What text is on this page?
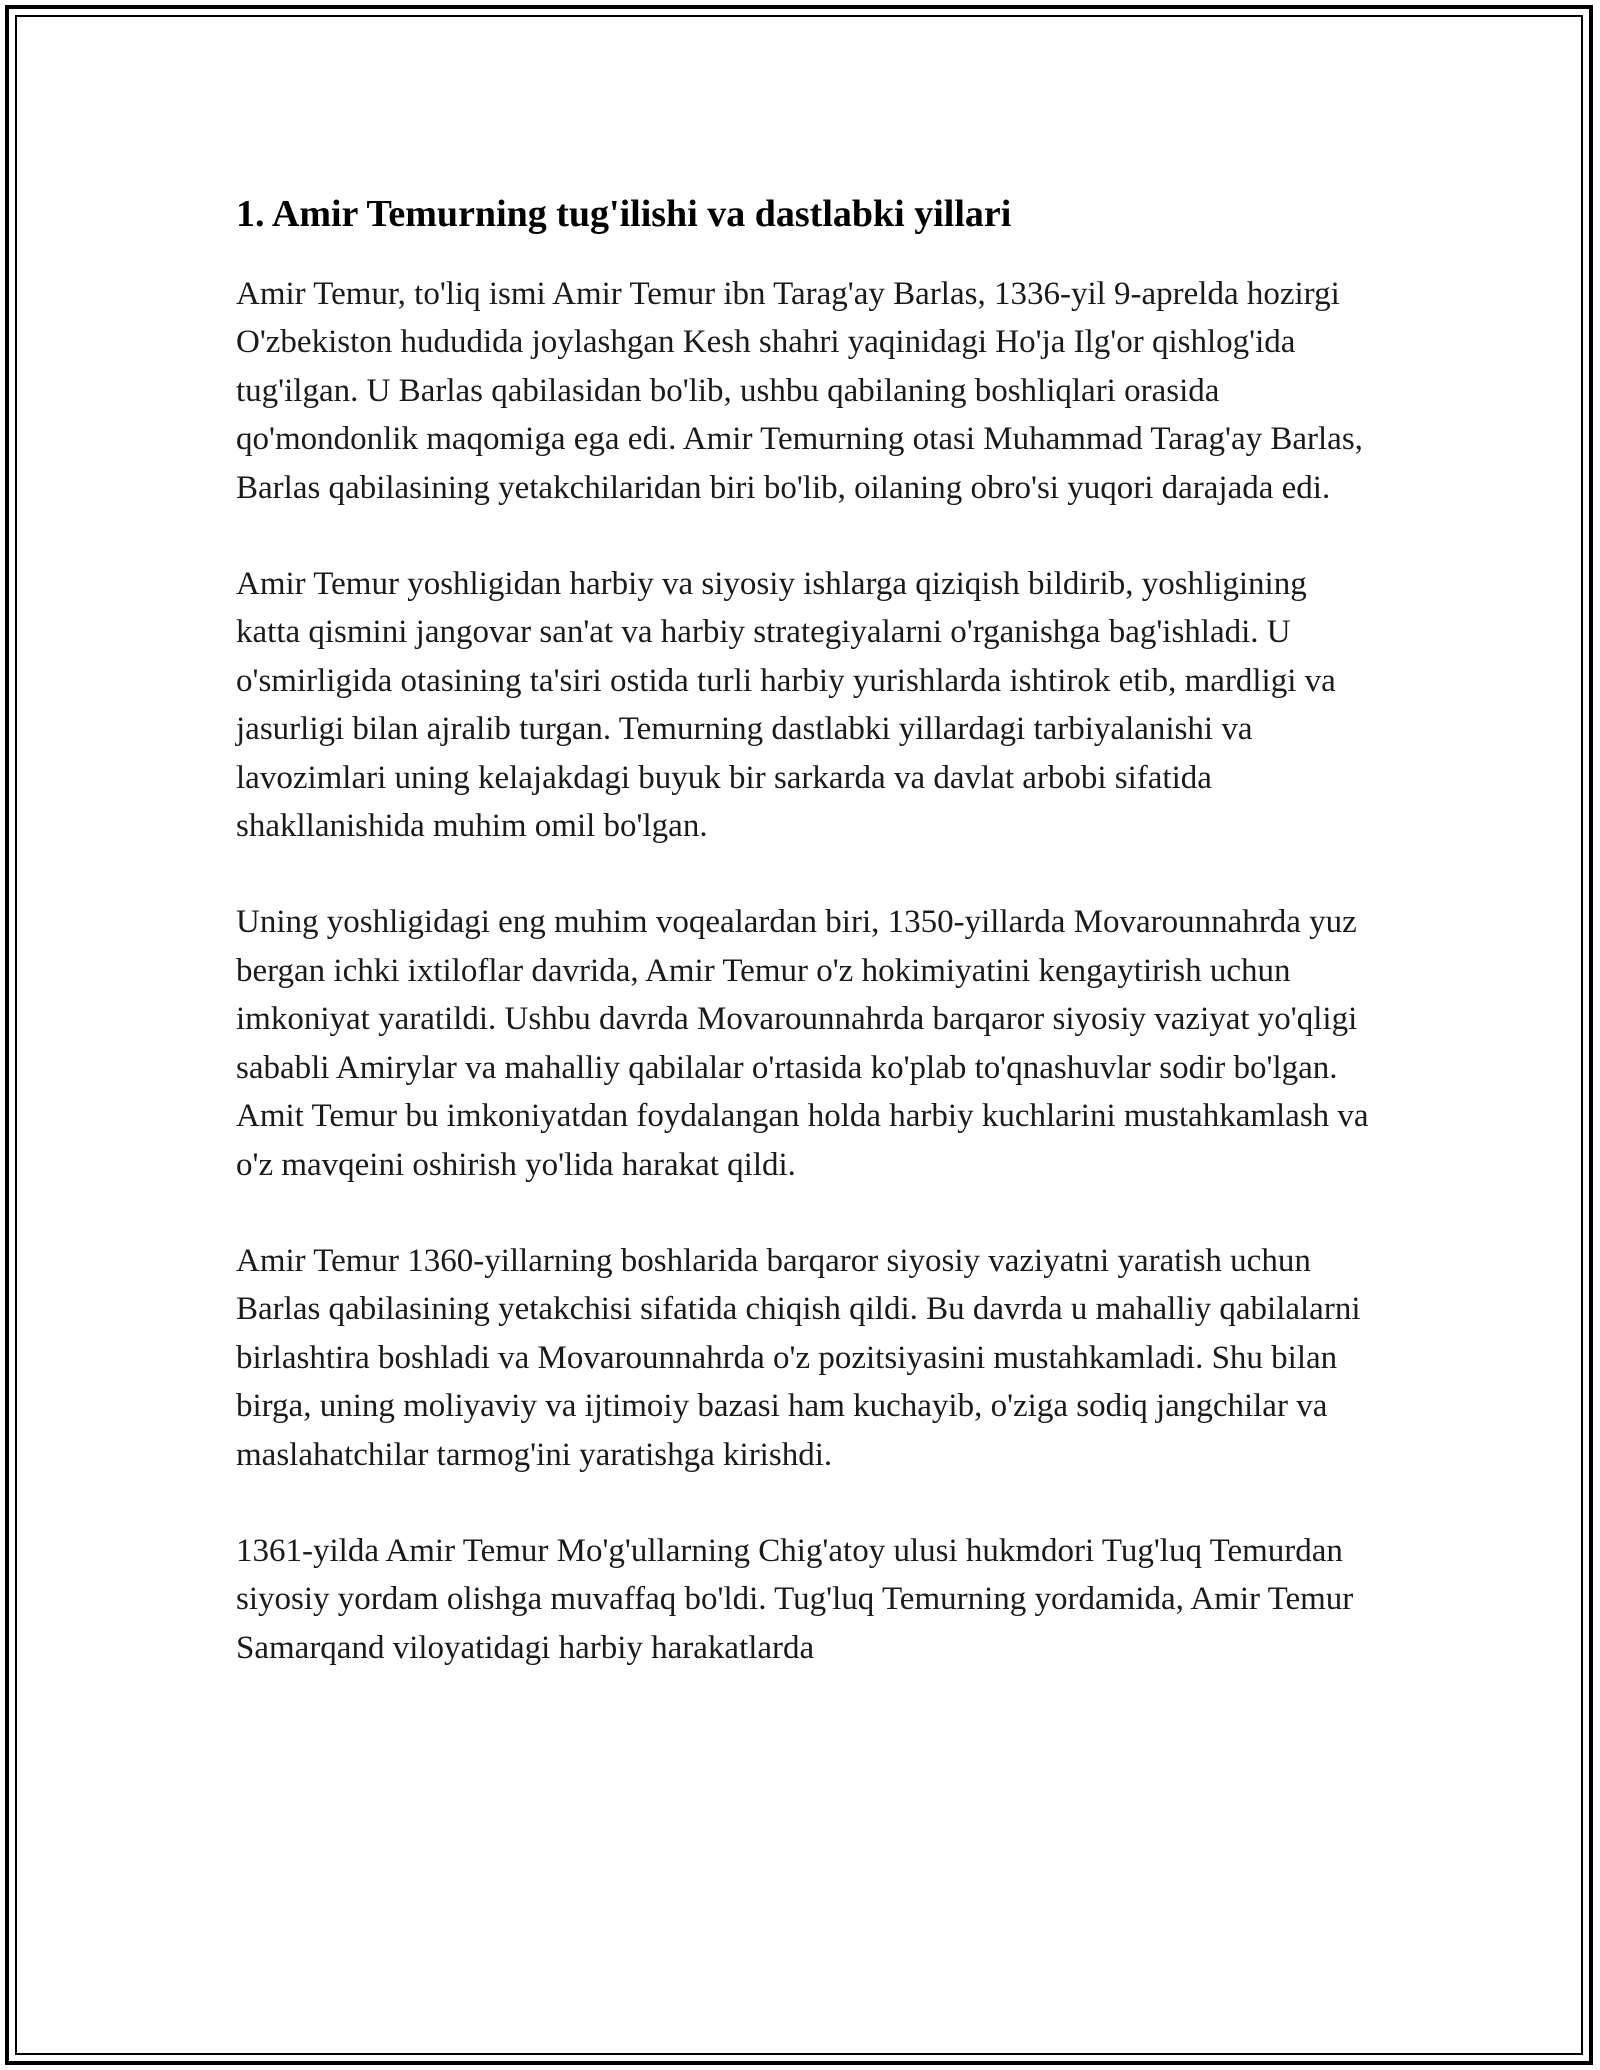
1. Amir Temurning tug'ilishi va dastlabki yillari

Amir Temur, to'liq ismi Amir Temur ibn Tarag'ay Barlas, 1336-yil 9-aprelda hozirgi O'zbekiston hududida joylashgan Kesh shahri yaqinidagi Ho'ja Ilg'or qishlog'ida tug'ilgan. U Barlas qabilasidan bo'lib, ushbu qabilaning boshliqlari orasida qo'mondonlik maqomiga ega edi. Amir Temurning otasi Muhammad Tarag'ay Barlas, Barlas qabilasining yetakchilaridan biri bo'lib, oilaning obro'si yuqori darajada edi.

Amir Temur yoshligidan harbiy va siyosiy ishlarga qiziqish bildirib, yoshligining katta qismini jangovar san'at va harbiy strategiyalarni o'rganishga bag'ishladi. U o'smirligida otasining ta'siri ostida turli harbiy yurishlarda ishtirok etib, mardligi va jasurligi bilan ajralib turgan. Temurning dastlabki yillardagi tarbiyalanishi va lavozimlari uning kelajakdagi buyuk bir sarkarda va davlat arbobi sifatida shakllanishida muhim omil bo'lgan.

Uning yoshligidagi eng muhim voqealardan biri, 1350-yillarda Movarounnahrda yuz bergan ichki ixtiloflar davrida, Amir Temur o'z hokimiyatini kengaytirish uchun imkoniyat yaratildi. Ushbu davrda Movarounnahrda barqaror siyosiy vaziyat yo'qligi sababli Amirylar va mahalliy qabilalar o'rtasida ko'plab to'qnashuvlar sodir bo'lgan. Amit Temur bu imkoniyatdan foydalangan holda harbiy kuchlarini mustahkamlash va o'z mavqeini oshirish yo'lida harakat qildi.

Amir Temur 1360-yillarning boshlarida barqaror siyosiy vaziyatni yaratish uchun Barlas qabilasining yetakchisi sifatida chiqish qildi. Bu davrda u mahalliy qabilalarni birlashtira boshladi va Movarounnahrda o'z pozitsiyasini mustahkamladi. Shu bilan birga, uning moliyaviy va ijtimoiy bazasi ham kuchayib, o'ziga sodiq jangchilar va maslahatchilar tarmog'ini yaratishga kirishdi.

1361-yilda Amir Temur Mo'g'ullarning Chig'atoy ulusi hukmdori Tug'luq Temurdan siyosiy yordam olishga muvaffaq bo'ldi. Tug'luq Temurning yordamida, Amir Temur Samarqand viloyatidagi harbiy harakatlarda
